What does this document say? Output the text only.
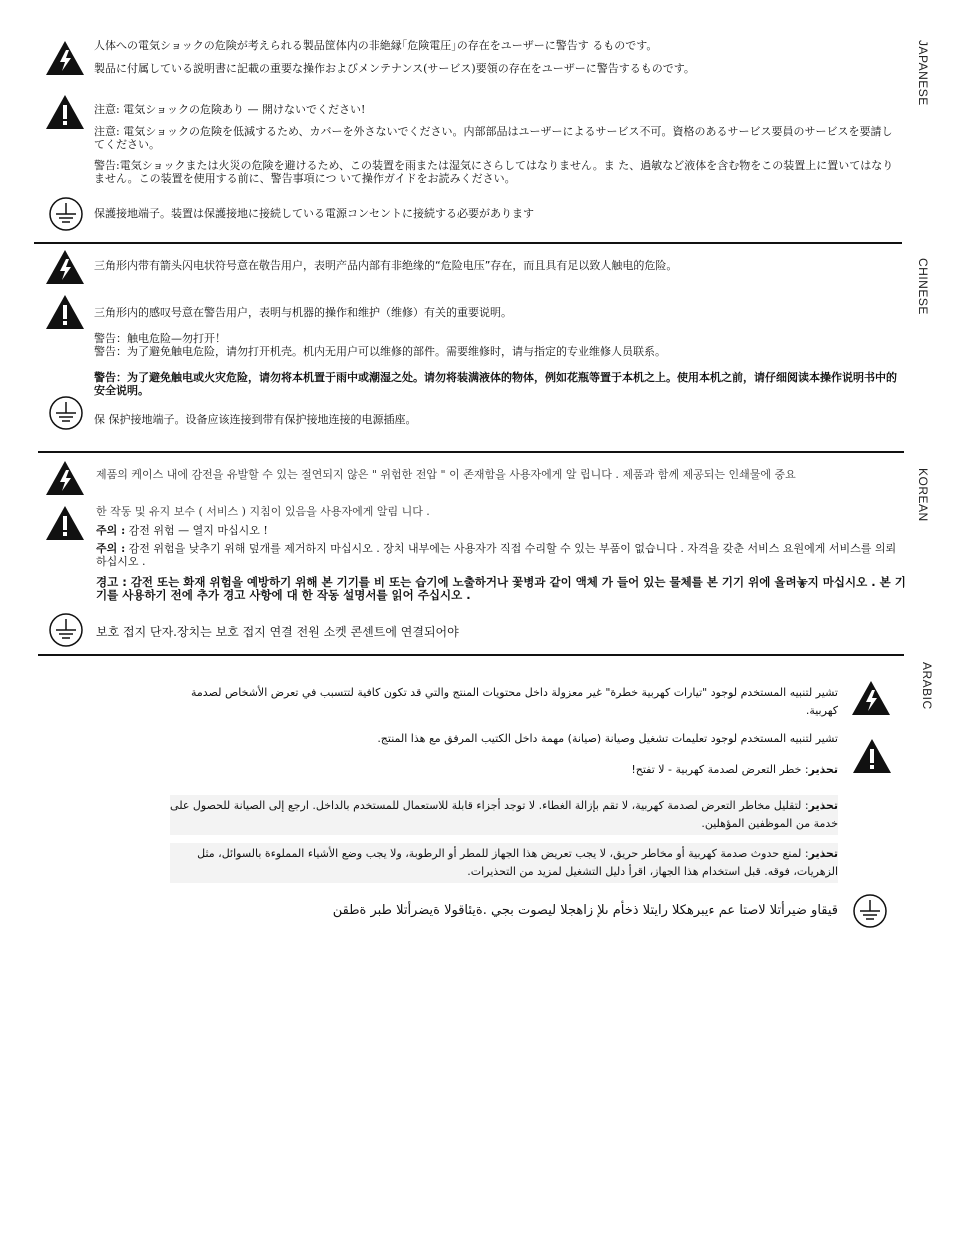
JAPANESE
人体への電気ショックの危険が考えられる製品筐体内の非絶縁｢危険電圧｣の存在をユーザーに警告す るものです。
製品に付属している説明書に記載の重要な操作およびメンテナンス(サービス)要領の存在をユーザーに警告するものです。
注意: 電気ショックの危険あり — 開けないでください!
注意: 電気ショックの危険を低減するため、カバーを外さないでください。内部部品はユーザーによるサービス不可。資格のあるサービス要員のサービスを要請してください。
警告:電気ショックまたは火災の危険を避けるため、この装置を雨または湿気にさらしてはなりません。ま た、過敏など液体を含む物をこの装置上に置いてはなりません。この装置を使用する前に、警告事項につ いて操作ガイドをお読みください。
保護接地端子。装置は保護接地に接続している電源コンセントに接続する必要があります
CHINESE
三角形内带有箭头闪电状符号意在敬告用户，表明产品内部有非绝缘的“危险电压”存在，而且具有足以致人触电的危险。
三角形内的感叹号意在警告用户，表明与机器的操作和维护（维修）有关的重要说明。
警告：触电危险—勿打开！
警告：为了避免触电危险，请勿打开机壳。机内无用户可以维修的部件。需要维修时，请与指定的专业维修人员联系。
警告：为了避免触电或火灾危险，请勿将本机置于雨中或潮湿之处。请勿将装满液体的物体，例如花瓶等置于本机之上。使用本机之前，请仔细阅读本操作说明书中的安全说明。
保 保护接地端子。设备应该连接到带有保护接地连接的电源插座。
KOREAN
제품의 케이스 내에 감전을 유발할 수 있는 절연되지 않은 " 위험한 전압 " 이 존재함을 사용자에게 알 립니다 . 제품과 함께 제공되는 인쇄물에 중요
한 작동 및 유지 보수 ( 서비스 ) 지침이 있음을 사용자에게 알림 니다 .
주의 : 감전 위험 — 열지 마십시오 !
주의 : 감전 위험을 낮추기 위해 덮개를 제거하지 마십시오 . 장치 내부에는 사용자가 직접 수리할 수 있는 부품이 없습니다 . 자격을 갖춘 서비스 요원에게 서비스를 의뢰하십시오 .
경고 : 감전 또는 화재 위험을 예방하기 위해 본 기기를 비 또는 습기에 노출하거나 꽃병과 같이 액체 가 들어 있는 물체를 본 기기 위에 올려놓지 마십시오 . 본 기기를 사용하기 전에 추가 경고 사항에 대 한 작동 설명서를 읽어 주십시오 .
보호 접지 단자.장치는 보호 접지 연결 전원 소켓 콘센트에 연결되어야
ARABIC
تشير لتنبيه المستخدم لوجود "تيارات كهربية خطرة" غير معزولة داخل محتويات المنتج والتي قد تكون كافية لتتسبب في تعرض الأشخاص لصدمة كهربية.
تشير لتنبيه المستخدم لوجود تعليمات تشغيل وصيانة (صيانة) مهمة داخل الكتيب المرفق مع هذا المنتج.
تحذير: خطر التعرض لصدمة كهربية - لا تفتح!
تحذير: لتقليل مخاطر التعرض لصدمة كهربية، لا تقم بإزالة الغطاء. لا توجد أجزاء قابلة للاستعمال للمستخدم بالداخل. ارجع إلى الصيانة للحصول على خدمة من الموظفين المؤهلين.
تحذير: لمنع حدوث صدمة كهربية أو مخاطر حريق، لا يجب تعريض هذا الجهاز للمطر أو الرطوبة، ولا يجب وضع الأشياء المملوءة بالسوائل، مثل الزهريات، فوقه. قبل استخدام هذا الجهاز، اقرأ دليل التشغيل لمزيد من التحذيرات.
قيقاو ضيرأتلا لاصتا عم ءيبرهكلا رايتلا ذخأم ىلإ زاهجلا ليصوت بجي .ةيئاقولا ةيضرأتلا طبر ةطقن
